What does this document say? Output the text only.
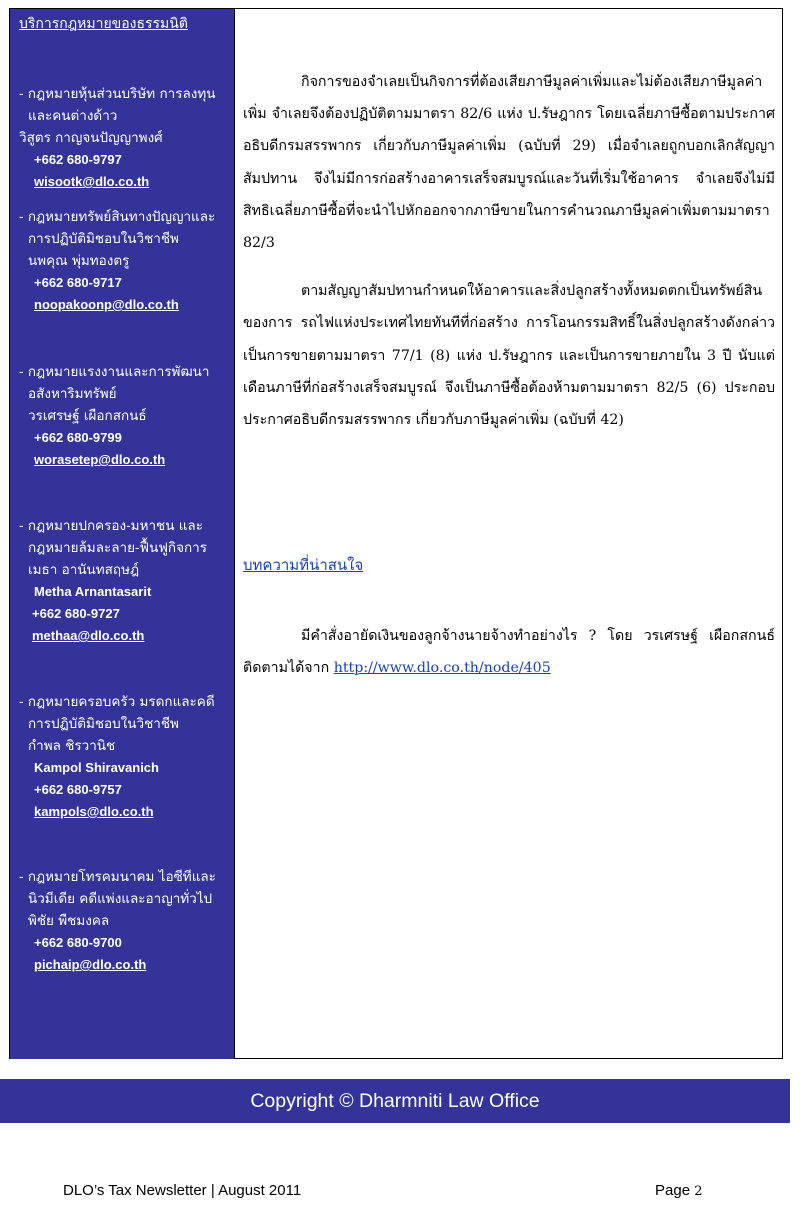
บริการกฎหมายของธรรมนิติ
- กฎหมายหุ้นส่วนบริษัท การลงทุน
และคนต่างด้าว
วิสูตร กาญจนปัญญาพงศ์
+662 680-9797
wisootk@dlo.co.th
- กฎหมายทรัพย์สินทางปัญญาและ
การปฏิบัติมิชอบในวิชาชีพ
นพคุณ พุ่มทองตรู
+662 680-9717
noopakoonp@dlo.co.th
- กฎหมายแรงงานและการพัฒนา
อสังหาริมทรัพย์
วรเศรษฐ์ เผือกสกนธ์
+662 680-9799
worasetep@dlo.co.th
- กฎหมายปกครอง-มหาชน และ
กฎหมายล้มละลาย-ฟื้นฟูกิจการ
เมธา อานันทสฤษฎ์
Metha Arnantasarit
+662 680-9727
methaa@dlo.co.th
- กฎหมายครอบครัว มรดกและคดี
การปฏิบัติมิชอบในวิชาชีพ
กำพล ชิรวานิช
Kampol Shiravanich
+662 680-9757
kampols@dlo.co.th
- กฎหมายโทรคมนาคม ไอซีทีและ
นิวมีเดีย คดีแพ่งและอาญาทั่วไป
พิชัย พืชมงคล
+662 680-9700
pichaip@dlo.co.th

กิจการของจำเลยเป็นกิจการที่ต้องเสียภาษีมูลค่าเพิ่มและไม่ต้องเสียภาษีมูลค่าเพิ่ม จำเลยจึงต้องปฏิบัติตามมาตรา 82/6 แห่ง ป.รัษฎากร โดยเฉลี่ยภาษีซื้อตามประกาศอธิบดีกรมสรรพากร เกี่ยวกับภาษีมูลค่าเพิ่ม (ฉบับที่ 29) เมื่อจำเลยถูกบอกเลิกสัญญาสัมปทาน จึงไม่มีการก่อสร้างอาคารเสร็จสมบูรณ์และวันที่เริ่มใช้อาคาร จำเลยจึงไม่มีสิทธิเฉลี่ยภาษีซื้อที่จะนำไปหักออกจากภาษีขายในการคำนวณภาษีมูลค่าเพิ่มตามมาตรา 82/3

ตามสัญญาสัมปทานกำหนดให้อาคารและสิ่งปลูกสร้างทั้งหมดตกเป็นทรัพย์สินของการ รถไฟแห่งประเทศไทยทันทีที่ก่อสร้าง การโอนกรรมสิทธิ์ในสิ่งปลูกสร้างดังกล่าวเป็นการขายตามมาตรา 77/1 (8) แห่ง ป.รัษฎากร และเป็นการขายภายใน 3 ปี นับแต่เดือนภาษีที่ก่อสร้างเสร็จสมบูรณ์ จึงเป็นภาษีซื้อต้องห้ามตามมาตรา 82/5 (6) ประกอบประกาศอธิบดีกรมสรรพากร เกี่ยวกับภาษีมูลค่าเพิ่ม (ฉบับที่ 42)

บทความที่น่าสนใจ

มีคำสั่งอายัดเงินของลูกจ้างนายจ้างทำอย่างไร ? โดย วรเศรษฐ์ เผือกสกนธ์ ติดตามได้จาก http://www.dlo.co.th/node/405

Copyright © Dharmniti Law Office
DLO’s Tax Newsletter | August 2011	Page 2
